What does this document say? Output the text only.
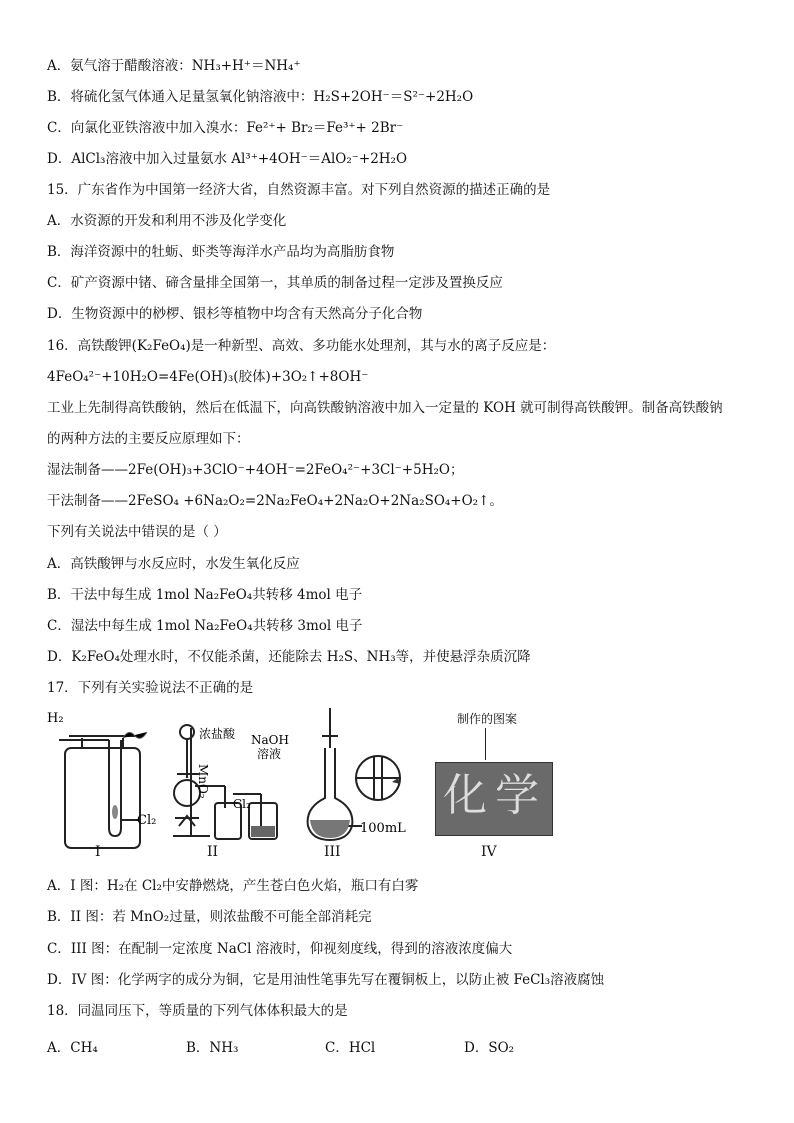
A．氨气溶于醋酸溶液：NH₃+H⁺＝NH₄⁺
B．将硫化氢气体通入足量氢氧化钠溶液中：H₂S+2OH⁻＝S²⁻+2H₂O
C．向氯化亚铁溶液中加入溴水：Fe²⁺+ Br₂＝Fe³⁺+ 2Br⁻
D．AlCl₃溶液中加入过量氨水 Al³⁺+4OH⁻＝AlO₂⁻+2H₂O
15．广东省作为中国第一经济大省，自然资源丰富。对下列自然资源的描述正确的是
A．水资源的开发和利用不涉及化学变化
B．海洋资源中的牡蛎、虾类等海洋水产品均为高脂肪食物
C．矿产资源中锗、碲含量排全国第一，其单质的制备过程一定涉及置换反应
D．生物资源中的桫椤、银杉等植物中均含有天然高分子化合物
16．高铁酸钾(K₂FeO₄)是一种新型、高效、多功能水处理剂，其与水的离子反应是：
4FeO₄²⁻+10H₂O=4Fe(OH)₃(胶体)+3O₂↑+8OH⁻
工业上先制得高铁酸钠，然后在低温下，向高铁酸钠溶液中加入一定量的 KOH 就可制得高铁酸钾。制备高铁酸钠
的两种方法的主要反应原理如下：
湿法制备——2Fe(OH)₃+3ClO⁻+4OH⁻=2FeO₄²⁻+3Cl⁻+5H₂O；
干法制备——2FeSO₄ +6Na₂O₂=2Na₂FeO₄+2Na₂O+2Na₂SO₄+O₂↑。
下列有关说法中错误的是（ ）
A．高铁酸钾与水反应时，水发生氧化反应
B．干法中每生成 1mol Na₂FeO₄共转移 4mol 电子
C．湿法中每生成 1mol Na₂FeO₄共转移 3mol 电子
D．K₂FeO₄处理水时，不仅能杀菌，还能除去 H₂S、NH₃等，并使悬浮杂质沉降
17．下列有关实验说法不正确的是
H₂
Cl₂
I
浓盐酸
MnO₂
NaOH
溶液
Cl₂
II
100mL
III
制作的图案
化学
IV
A．I 图：H₂在 Cl₂中安静燃烧，产生苍白色火焰，瓶口有白雾
B．II 图：若 MnO₂过量，则浓盐酸不可能全部消耗完
C．III 图：在配制一定浓度 NaCl 溶液时，仰视刻度线，得到的溶液浓度偏大
D．IV 图：化学两字的成分为铜，它是用油性笔事先写在覆铜板上，以防止被 FeCl₃溶液腐蚀
18．同温同压下，等质量的下列气体体积最大的是
A．CH₄	B．NH₃	C．HCl	D．SO₂
